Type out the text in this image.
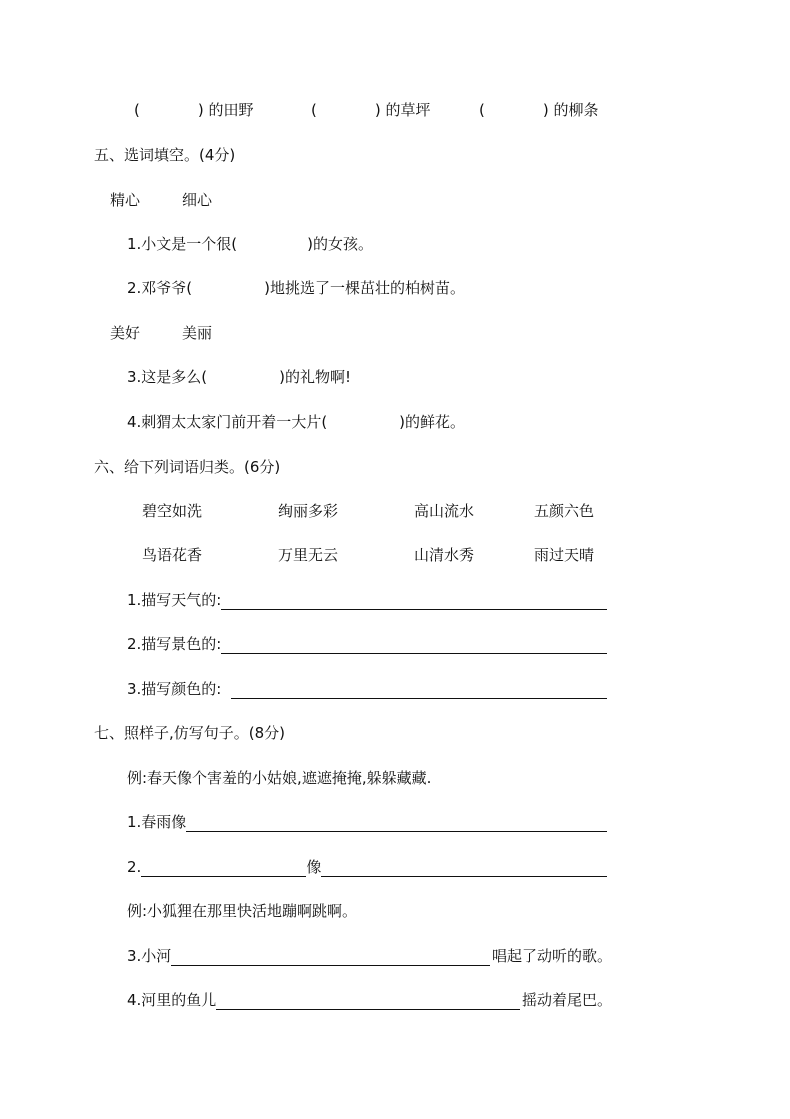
(	) 的田野	(	) 的草坪	(	) 的柳条
五、选词填空。(4分)
精心	细心
1.小文是一个很(	)的女孩。
2.邓爷爷(	)地挑选了一棵茁壮的柏树苗。
美好	美丽
3.这是多么(	)的礼物啊!
4.刺猬太太家门前开着一大片(	)的鲜花。
六、给下列词语归类。(6分)
碧空如洗	绚丽多彩	高山流水	五颜六色
鸟语花香	万里无云	山清水秀	雨过天晴
1.描写天气的:
2.描写景色的:
3.描写颜色的:
七、照样子,仿写句子。(8分)
例:春天像个害羞的小姑娘,遮遮掩掩,躲躲藏藏.
1.春雨像
2.	像
例:小狐狸在那里快活地蹦啊跳啊。
3.小河	唱起了动听的歌。
4.河里的鱼儿	摇动着尾巴。
